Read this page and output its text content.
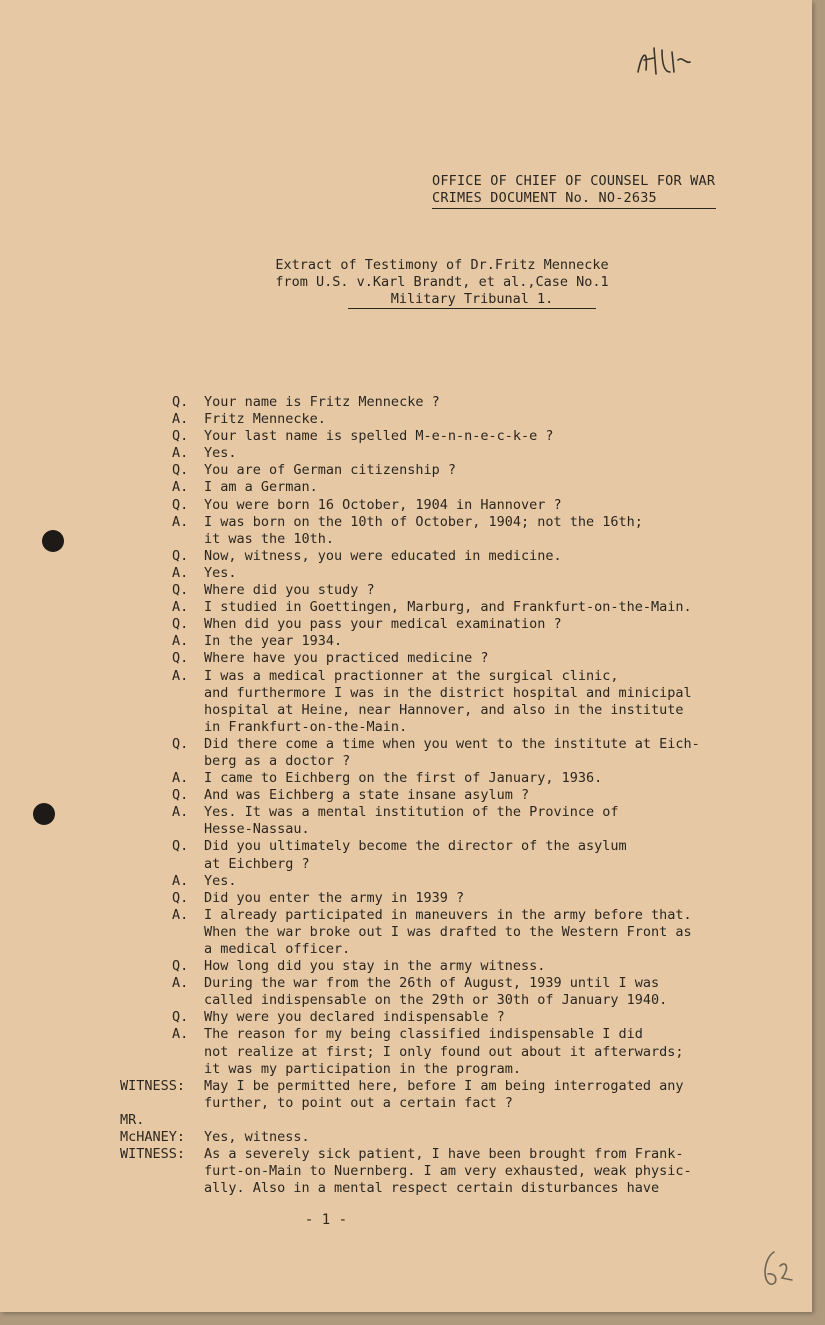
OFFICE OF CHIEF OF COUNSEL FOR WAR
CRIMES DOCUMENT No. NO-2635
Extract of Testimony of Dr.Fritz Mennecke
from U.S. v.Karl Brandt, et al.,Case No.1
Military Tribunal 1.
Q.	Your name is Fritz Mennecke ?
A.	Fritz Mennecke.
Q.	Your last name is spelled M-e-n-n-e-c-k-e ?
A.	Yes.
Q.	You are of German citizenship ?
A.	I am a German.
Q.	You were born 16 October, 1904 in Hannover ?
A.	I was born on the 10th of October, 1904; not the 16th;
it was the 10th.
Q.	Now, witness, you were educated in medicine.
A.	Yes.
Q.	Where did you study ?
A.	I studied in Goettingen, Marburg, and Frankfurt-on-the-Main.
Q.	When did you pass your medical examination ?
A.	In the year 1934.
Q.	Where have you practiced medicine ?
A.	I was a medical practionner at the surgical clinic,
and furthermore I was in the district hospital and minicipal
hospital at Heine, near Hannover, and also in the institute
in Frankfurt-on-the-Main.
Q.	Did there come a time when you went to the institute at Eich-
berg as a doctor ?
A.	I came to Eichberg on the first of January, 1936.
Q.	And was Eichberg a state insane asylum ?
A.	Yes. It was a mental institution of the Province of
Hesse-Nassau.
Q.	Did you ultimately become the director of the asylum
at Eichberg ?
A.	Yes.
Q.	Did you enter the army in 1939 ?
A.	I already participated in maneuvers in the army before that.
When the war broke out I was drafted to the Western Front as
a medical officer.
Q.	How long did you stay in the army witness.
A.	During the war from the 26th of August, 1939 until I was
called indispensable on the 29th or 30th of January 1940.
Q.	Why were you declared indispensable ?
A.	The reason for my being classified indispensable I did
not realize at first; I only found out about it afterwards;
it was my participation in the program.
WITNESS:	May I be permitted here, before I am being interrogated any
further, to point out a certain fact ?
MR.
McHANEY:	Yes, witness.
WITNESS:	As a severely sick patient, I have been brought from Frank-
furt-on-Main to Nuernberg. I am very exhausted, weak physic-
ally. Also in a mental respect certain disturbances have
- 1 -
